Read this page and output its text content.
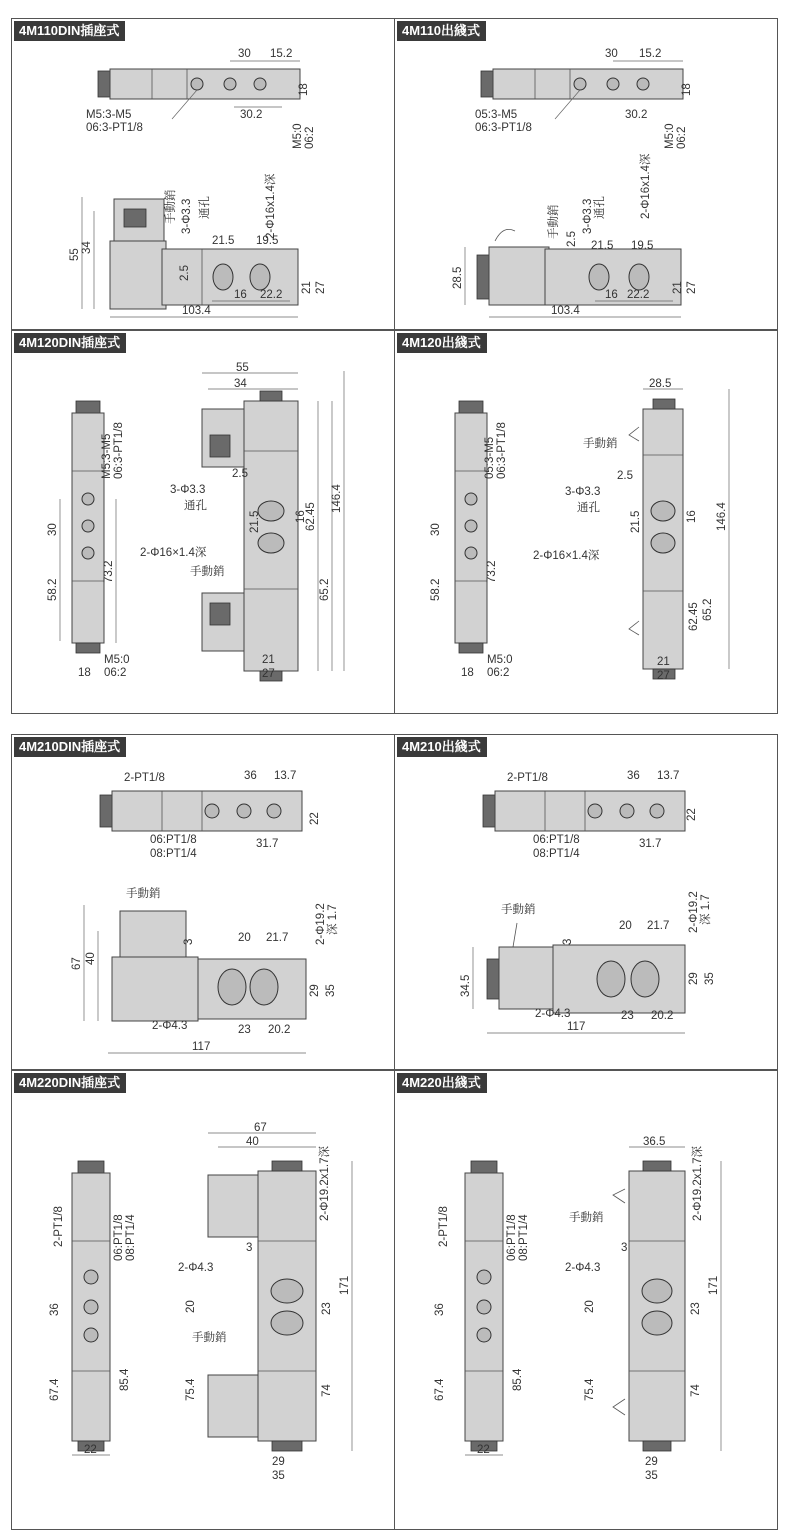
4M110DIN插座式
30 15.2
30.2
18
M5:0 06:2
M5:3-M5
06:3-PT1/8
2.5
21.5 19.5
手動銷 3-Φ3.3 通孔	2-Φ16x1.4深
55
34
21 27
16 22.2
103.4
4M110出綫式
30 15.2
30.2
18
M5:0 06:2
05:3-M5
06:3-PT1/8
手動銷 2.5
3-Φ3.3 通孔	2-Φ16x1.4深
21.5 19.5
28.5	21 27
16 22.2
103.4
4M120DIN插座式
M5:3-M5 06:3-PT1/8
30
58.2
73.2
M5:0
06:2
18
55
34
2.5
3-Φ3.3
通孔
21.5	16
2-Φ16×1.4深
手動銷
62.45
65.2
146.4
21
27
4M120出綫式
05:3-M5 06:3-PT1/8
30
58.2
73.2
M5:0
06:2
18
28.5
手動銷
2.5
3-Φ3.3
通孔
21.5	16
2-Φ16×1.4深
62.45 65.2
146.4
21
27
4M210DIN插座式
2-PT1/8	36 13.7
22
06:PT1/8
08:PT1/4
31.7
手動銷
3	20 21.7 2-Φ19.2 深 1.7
67 40
29 35
2-Φ4.3	23 20.2
117
4M210出綫式
2-PT1/8	36 13.7
22
06:PT1/8
08:PT1/4
31.7
手動銷
3
20 21.7 2-Φ19.2 深 1.7
34.5	29 35
2-Φ4.3	23 20.2
117
4M220DIN插座式
2-PT1/8	06:PT1/8 08:PT1/4
36
67.4	85.4
22
67
40
2-Φ19.2x1.7深
3
2-Φ4.3
20	23
171
手動銷
75.4	74
29
35
4M220出綫式
2-PT1/8	06:PT1/8 08:PT1/4
36
67.4	85.4
22
36.5
2-Φ19.2x1.7深
手動銷
3
2-Φ4.3
20	23
171
75.4	74
29
35
